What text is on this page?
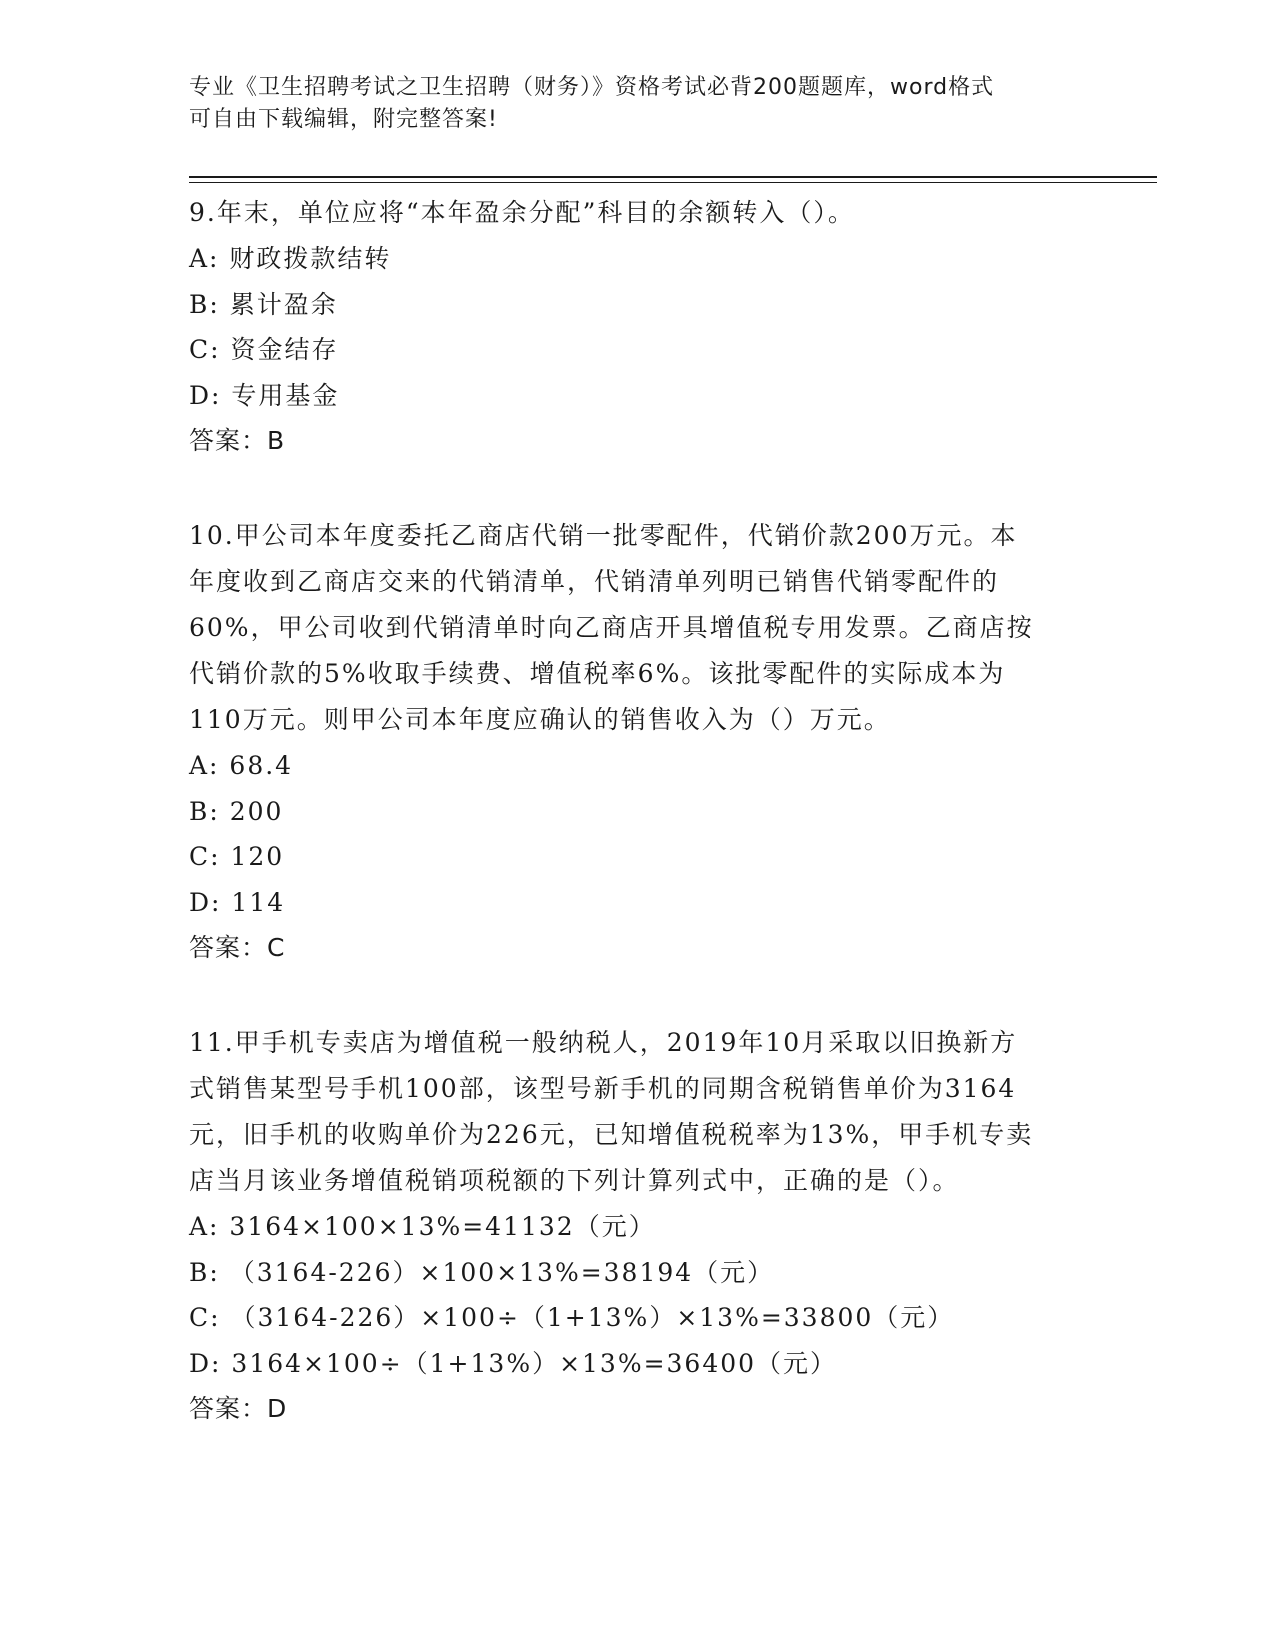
专业《卫生招聘考试之卫生招聘（财务）》资格考试必背200题题库，word格式
可自由下载编辑，附完整答案!

9.年末，单位应将“本年盈余分配”科目的余额转入（）。

A: 财政拨款结转

B: 累计盈余

C: 资金结存

D: 专用基金

答案：B

10.甲公司本年度委托乙商店代销一批零配件，代销价款200万元。本

年度收到乙商店交来的代销清单，代销清单列明已销售代销零配件的

60%，甲公司收到代销清单时向乙商店开具增值税专用发票。乙商店按

代销价款的5%收取手续费、增值税率6%。该批零配件的实际成本为

110万元。则甲公司本年度应确认的销售收入为（）万元。

A: 68.4

B: 200

C: 120

D: 114

答案：C

11.甲手机专卖店为增值税一般纳税人，2019年10月采取以旧换新方

式销售某型号手机100部，该型号新手机的同期含税销售单价为3164

元，旧手机的收购单价为226元，已知增值税税率为13%，甲手机专卖

店当月该业务增值税销项税额的下列计算列式中，正确的是（）。

A: 3164×100×13%=41132（元）

B: （3164-226）×100×13%=38194（元）

C: （3164-226）×100÷（1+13%）×13%=33800（元）

D: 3164×100÷（1+13%）×13%=36400（元）

答案：D
